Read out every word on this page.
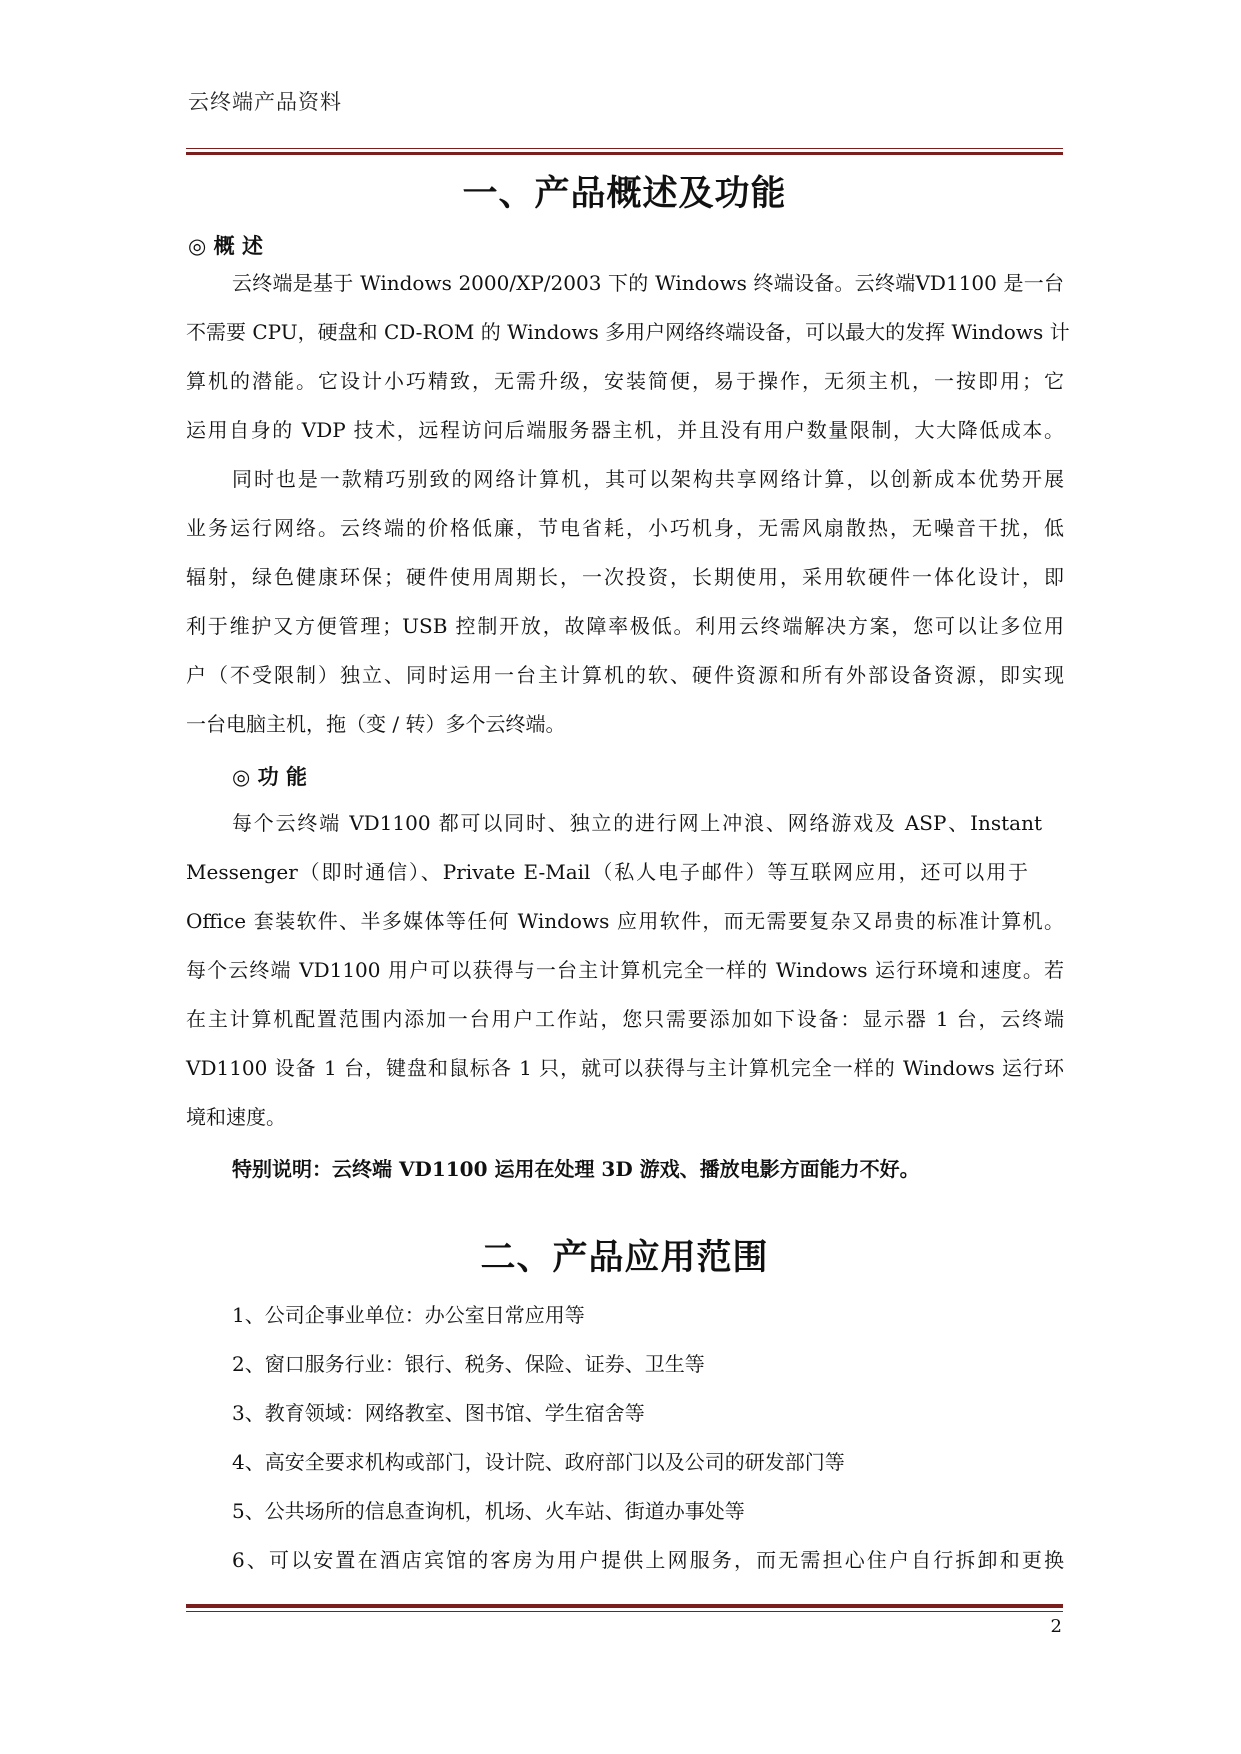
云终端产品资料
一、产品概述及功能
◎ 概 述
云终端是基于 Windows 2000/XP/2003 下的 Windows 终端设备。云终端VD1100 是一台
不需要 CPU，硬盘和 CD-ROM 的 Windows 多用户网络终端设备，可以最大的发挥 Windows 计
算机的潜能。它设计小巧精致，无需升级，安装简便，易于操作，无须主机，一按即用；它
运用自身的 VDP 技术，远程访问后端服务器主机，并且没有用户数量限制，大大降低成本。
同时也是一款精巧别致的网络计算机，其可以架构共享网络计算，以创新成本优势开展
业务运行网络。云终端的价格低廉，节电省耗，小巧机身，无需风扇散热，无噪音干扰，低
辐射，绿色健康环保；硬件使用周期长，一次投资，长期使用，采用软硬件一体化设计，即
利于维护又方便管理；USB 控制开放，故障率极低。利用云终端解决方案，您可以让多位用
户（不受限制）独立、同时运用一台主计算机的软、硬件资源和所有外部设备资源，即实现
一台电脑主机，拖（变 / 转）多个云终端。
◎ 功 能
每个云终端 VD1100 都可以同时、独立的进行网上冲浪、网络游戏及 ASP、Instant
Messenger（即时通信）、Private E-Mail（私人电子邮件）等互联网应用，还可以用于
Office 套装软件、半多媒体等任何 Windows 应用软件，而无需要复杂又昂贵的标准计算机。
每个云终端 VD1100 用户可以获得与一台主计算机完全一样的 Windows 运行环境和速度。若
在主计算机配置范围内添加一台用户工作站，您只需要添加如下设备：显示器 1 台，云终端
VD1100 设备 1 台，键盘和鼠标各 1 只，就可以获得与主计算机完全一样的 Windows 运行环
境和速度。
特别说明：云终端 VD1100 运用在处理 3D 游戏、播放电影方面能力不好。
二、产品应用范围
1、公司企事业单位：办公室日常应用等
2、窗口服务行业：银行、税务、保险、证券、卫生等
3、教育领域：网络教室、图书馆、学生宿舍等
4、高安全要求机构或部门，设计院、政府部门以及公司的研发部门等
5、公共场所的信息查询机，机场、火车站、街道办事处等
6、可以安置在酒店宾馆的客房为用户提供上网服务，而无需担心住户自行拆卸和更换
2
